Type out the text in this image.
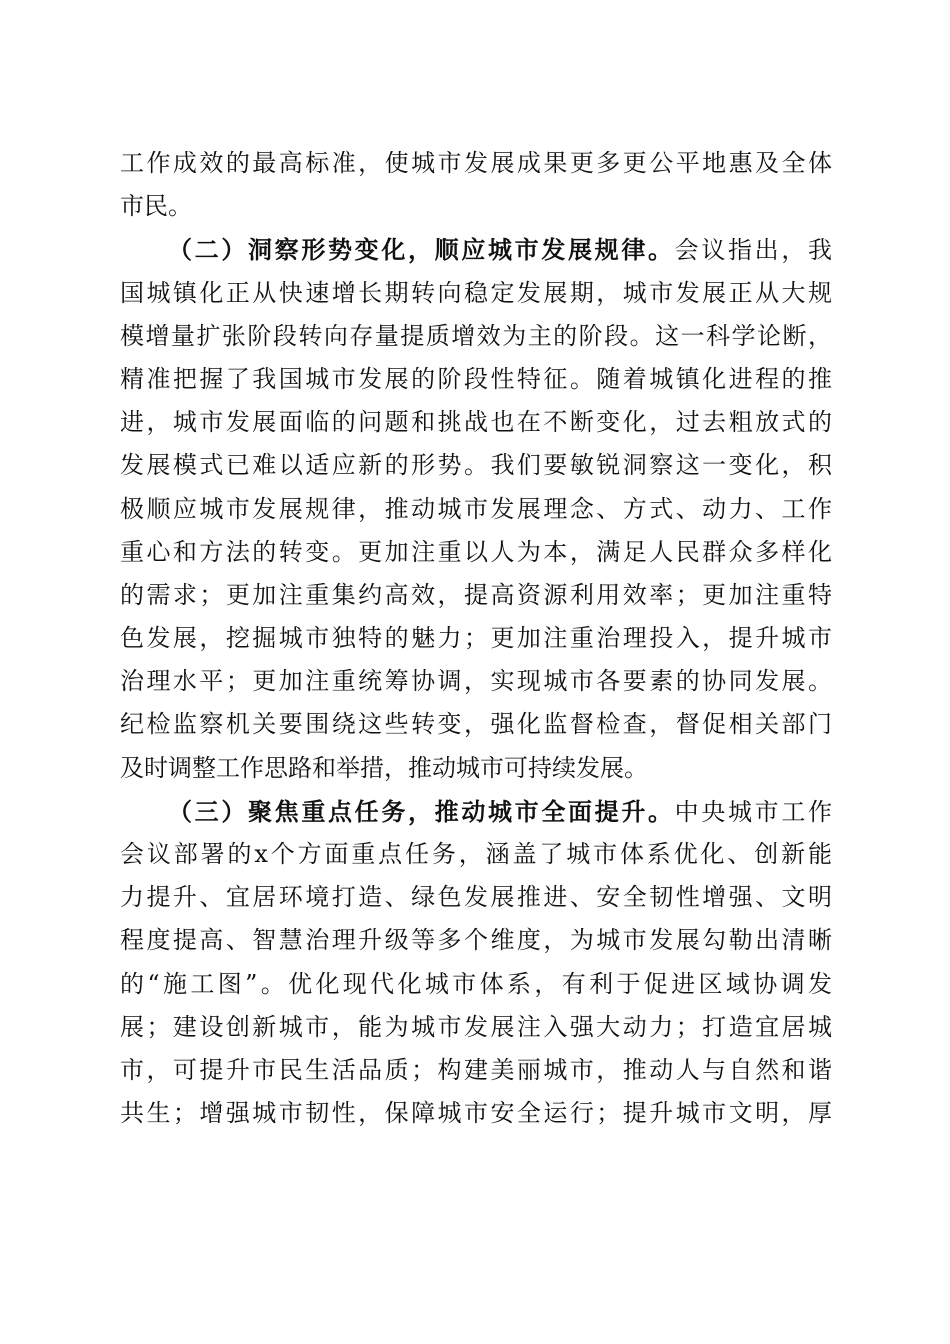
工作成效的最高标准，使城市发展成果更多更公平地惠及全体
市民。
（二）洞察形势变化，顺应城市发展规律。会议指出，我
国城镇化正从快速增长期转向稳定发展期，城市发展正从大规
模增量扩张阶段转向存量提质增效为主的阶段。这一科学论断，
精准把握了我国城市发展的阶段性特征。随着城镇化进程的推
进，城市发展面临的问题和挑战也在不断变化，过去粗放式的
发展模式已难以适应新的形势。我们要敏锐洞察这一变化，积
极顺应城市发展规律，推动城市发展理念、方式、动力、工作
重心和方法的转变。更加注重以人为本，满足人民群众多样化
的需求；更加注重集约高效，提高资源利用效率；更加注重特
色发展，挖掘城市独特的魅力；更加注重治理投入，提升城市
治理水平；更加注重统筹协调，实现城市各要素的协同发展。
纪检监察机关要围绕这些转变，强化监督检查，督促相关部门
及时调整工作思路和举措，推动城市可持续发展。
（三）聚焦重点任务，推动城市全面提升。中央城市工作
会议部署的x个方面重点任务，涵盖了城市体系优化、创新能
力提升、宜居环境打造、绿色发展推进、安全韧性增强、文明
程度提高、智慧治理升级等多个维度，为城市发展勾勒出清晰
的“施工图”。优化现代化城市体系，有利于促进区域协调发
展；建设创新城市，能为城市发展注入强大动力；打造宜居城
市，可提升市民生活品质；构建美丽城市，推动人与自然和谐
共生；增强城市韧性，保障城市安全运行；提升城市文明，厚
